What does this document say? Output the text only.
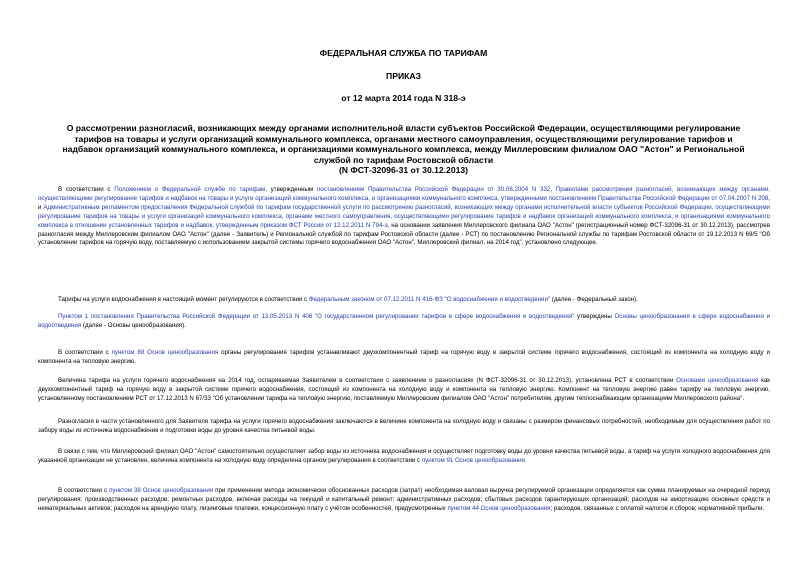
ФЕДЕРАЛЬНАЯ СЛУЖБА ПО ТАРИФАМ
ПРИКАЗ
от 12 марта 2014 года N 318-э
О рассмотрении разногласий, возникающих между органами исполнительной власти субъектов Российской Федерации, осуществляющими регулирование тарифов на товары и услуги организаций коммунального комплекса, органами местного самоуправления, осуществляющими регулирование тарифов и надбавок организаций коммунального комплекса, и организациями коммунального комплекса, между Миллеровским филиалом ОАО "Астон" и Региональной службой по тарифам Ростовской области
(N ФСТ-32096-31 от 30.12.2013)
В соответствии с Положением о Федеральной службе по тарифам, утвержденным постановлением Правительства Российской Федерации от 30.06.2004 N 332, Правилами рассмотрения разногласий, возникающих между органами, осуществляющими регулирование тарифов и надбавок на товары и услуги организаций коммунального комплекса, и организациями коммунального комплекса, утвержденными постановлением Правительства Российской Федерации от 07.04.2007 N 208, и Административным регламентом предоставления Федеральной службой по тарифам государственной услуги по рассмотрению разногласий, возникающих между органами исполнительной власти субъектов Российской Федерации, осуществляющими регулирование тарифов на товары и услуги организаций коммунального комплекса, органами местного самоуправления, осуществляющими регулирование тарифов и надбавок организаций коммунального комплекса, и организациями коммунального комплекса в отношении установленных тарифов и надбавок, утвержденным приказом ФСТ России от 12.12.2011 N 794-э, на основании заявления Миллеровского филиала ОАО "Астон" (регистрационный номер ФСТ-32096-31 от 30.12.2013), рассмотрев разногласия между Миллеровским филиалом ОАО "Астон" (далее - Заявитель) и Региональной службой по тарифам Ростовской области (далее - РСТ) по постановлению Региональной службы по тарифам Ростовской области от 19.12.2013 N 69/5 "Об установлении тарифов на горячую воду, поставляемую с использованием закрытой системы горячего водоснабжения ОАО "Астон", Миллеровский филиал, на 2014 год", установлено следующее.
Тарифы на услуги водоснабжения в настоящий момент регулируются в соответствии с Федеральным законом от 07.12.2011 N 416-ФЗ "О водоснабжении и водоотведении" (далее - Федеральный закон).
Пунктом 1 постановления Правительства Российской Федерации от 13.05.2013 N 406 "О государственном регулировании тарифов в сфере водоснабжения и водоотведения" утверждены Основы ценообразования в сфере водоснабжения и водоотведения (далее - Основы ценообразования).
В соответствии с пунктом 88 Основ ценообразования органы регулирования тарифов устанавливают двухкомпонентный тариф на горячую воду в закрытой системе горячего водоснабжения, состоящий из компонента на холодную воду и компонента на тепловую энергию.
Величина тарифа на услуги горячего водоснабжения на 2014 год, оспариваемая Заявителем в соответствии с заявлением о разногласиях (N ФСТ-32096-31 от 30.12.2013), установлена РСТ в соответствии Основами ценообразования как двухкомпонентный тариф на горячую воду в закрытой системе горячего водоснабжения, состоящий из компонента на холодную воду и компонента на тепловую энергию. Компонент на тепловую энергию равен тарифу на тепловую энергию, установленному постановлением РСТ от 17.12.2013 N 67/33 "Об установлении тарифа на тепловую энергию, поставляемую Миллеровским филиалом ОАО "Астон" потребителям, другим теплоснабжающим организациям Миллеровского района".
Разногласия в части установленного для Заявителя тарифа на услуги горячего водоснабжения заключаются в величине компонента на холодную воду и связаны с размером финансовых потребностей, необходимым для осуществления работ по забору воды из источника водоснабжения и подготовки воды до уровня качества питьевой воды.
В связи с тем, что Миллеровский филиал ОАО "Астон" самостоятельно осуществляет забор воды из источника водоснабжения и осуществляет подготовку воды до уровня качества питьевой воды, а тариф на услуги холодного водоснабжения для указанной организации не установлен, величина компонента на холодную воду определена органом регулирования в соответствии с пунктом 91 Основ ценообразования.
В соответствии с пунктом 38 Основ ценообразования при применении метода экономически обоснованных расходов (затрат) необходимая валовая выручка регулируемой организации определяется как сумма планируемых на очередной период регулирования: производственных расходов; ремонтных расходов, включая расходы на текущий и капитальный ремонт; административных расходов; сбытовых расходов гарантирующих организаций; расходов на амортизацию основных средств и нематериальных активов; расходов на арендную плату, лизинговые платежи, концессионную плату с учётом особенностей, предусмотренных пунктом 44 Основ ценообразования; расходов, связанных с оплатой налогов и сборов; нормативной прибыли.
